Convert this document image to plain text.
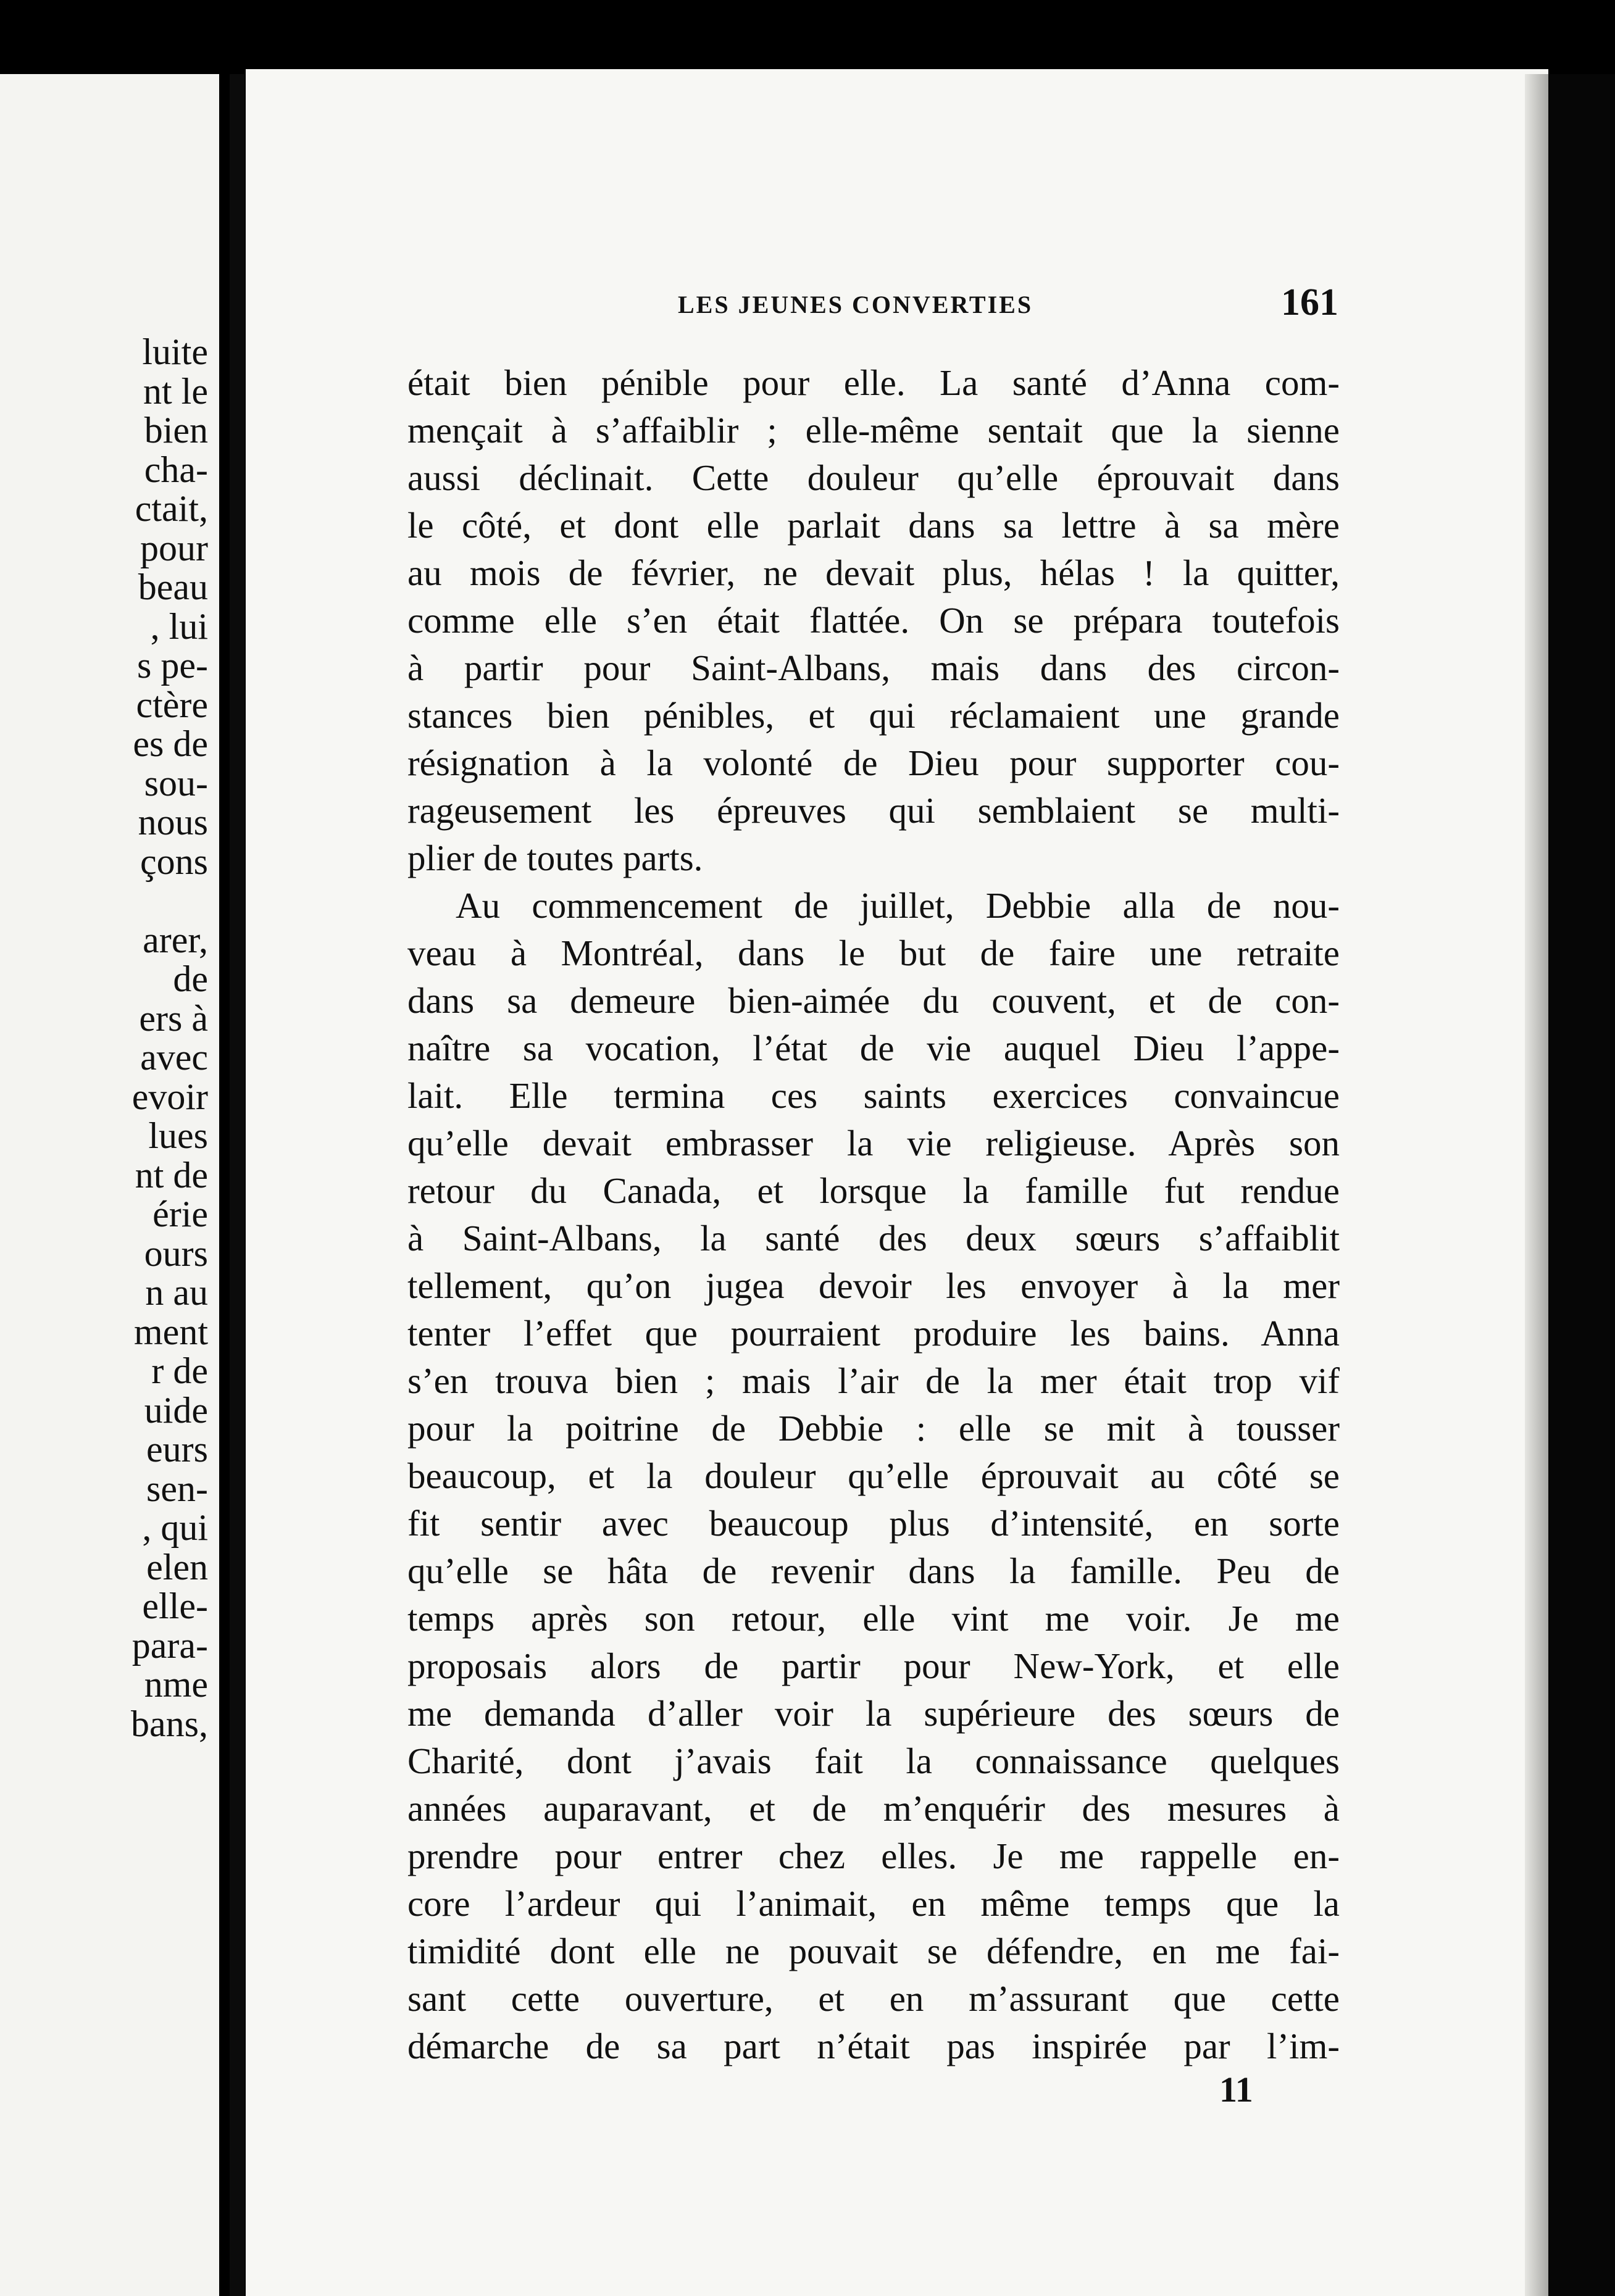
luite
nt le
bien
cha-
ctait,
pour
beau
, lui
s pe-
ctère
es de
sou-
nous
çons
arer,
de
ers à
avec
evoir
lues
nt de
érie
ours
n au
ment
r de
uide
eurs
sen-
, qui
elen
elle-
para-
nme
bans,
LES JEUNES CONVERTIES	161
était bien pénible pour elle. La santé d’Anna com-
mençait à s’affaiblir ; elle-même sentait que la sienne
aussi déclinait. Cette douleur qu’elle éprouvait dans
le côté, et dont elle parlait dans sa lettre à sa mère
au mois de février, ne devait plus, hélas ! la quitter,
comme elle s’en était flattée. On se prépara toutefois
à partir pour Saint-Albans, mais dans des circon-
stances bien pénibles, et qui réclamaient une grande
résignation à la volonté de Dieu pour supporter cou-
rageusement les épreuves qui semblaient se multi-
plier de toutes parts.
Au commencement de juillet, Debbie alla de nou-
veau à Montréal, dans le but de faire une retraite
dans sa demeure bien-aimée du couvent, et de con-
naître sa vocation, l’état de vie auquel Dieu l’appe-
lait. Elle termina ces saints exercices convaincue
qu’elle devait embrasser la vie religieuse. Après son
retour du Canada, et lorsque la famille fut rendue
à Saint-Albans, la santé des deux sœurs s’affaiblit
tellement, qu’on jugea devoir les envoyer à la mer
tenter l’effet que pourraient produire les bains. Anna
s’en trouva bien ; mais l’air de la mer était trop vif
pour la poitrine de Debbie : elle se mit à tousser
beaucoup, et la douleur qu’elle éprouvait au côté se
fit sentir avec beaucoup plus d’intensité, en sorte
qu’elle se hâta de revenir dans la famille. Peu de
temps après son retour, elle vint me voir. Je me
proposais alors de partir pour New-York, et elle
me demanda d’aller voir la supérieure des sœurs de
Charité, dont j’avais fait la connaissance quelques
années auparavant, et de m’enquérir des mesures à
prendre pour entrer chez elles. Je me rappelle en-
core l’ardeur qui l’animait, en même temps que la
timidité dont elle ne pouvait se défendre, en me fai-
sant cette ouverture, et en m’assurant que cette
démarche de sa part n’était pas inspirée par l’im-
11
